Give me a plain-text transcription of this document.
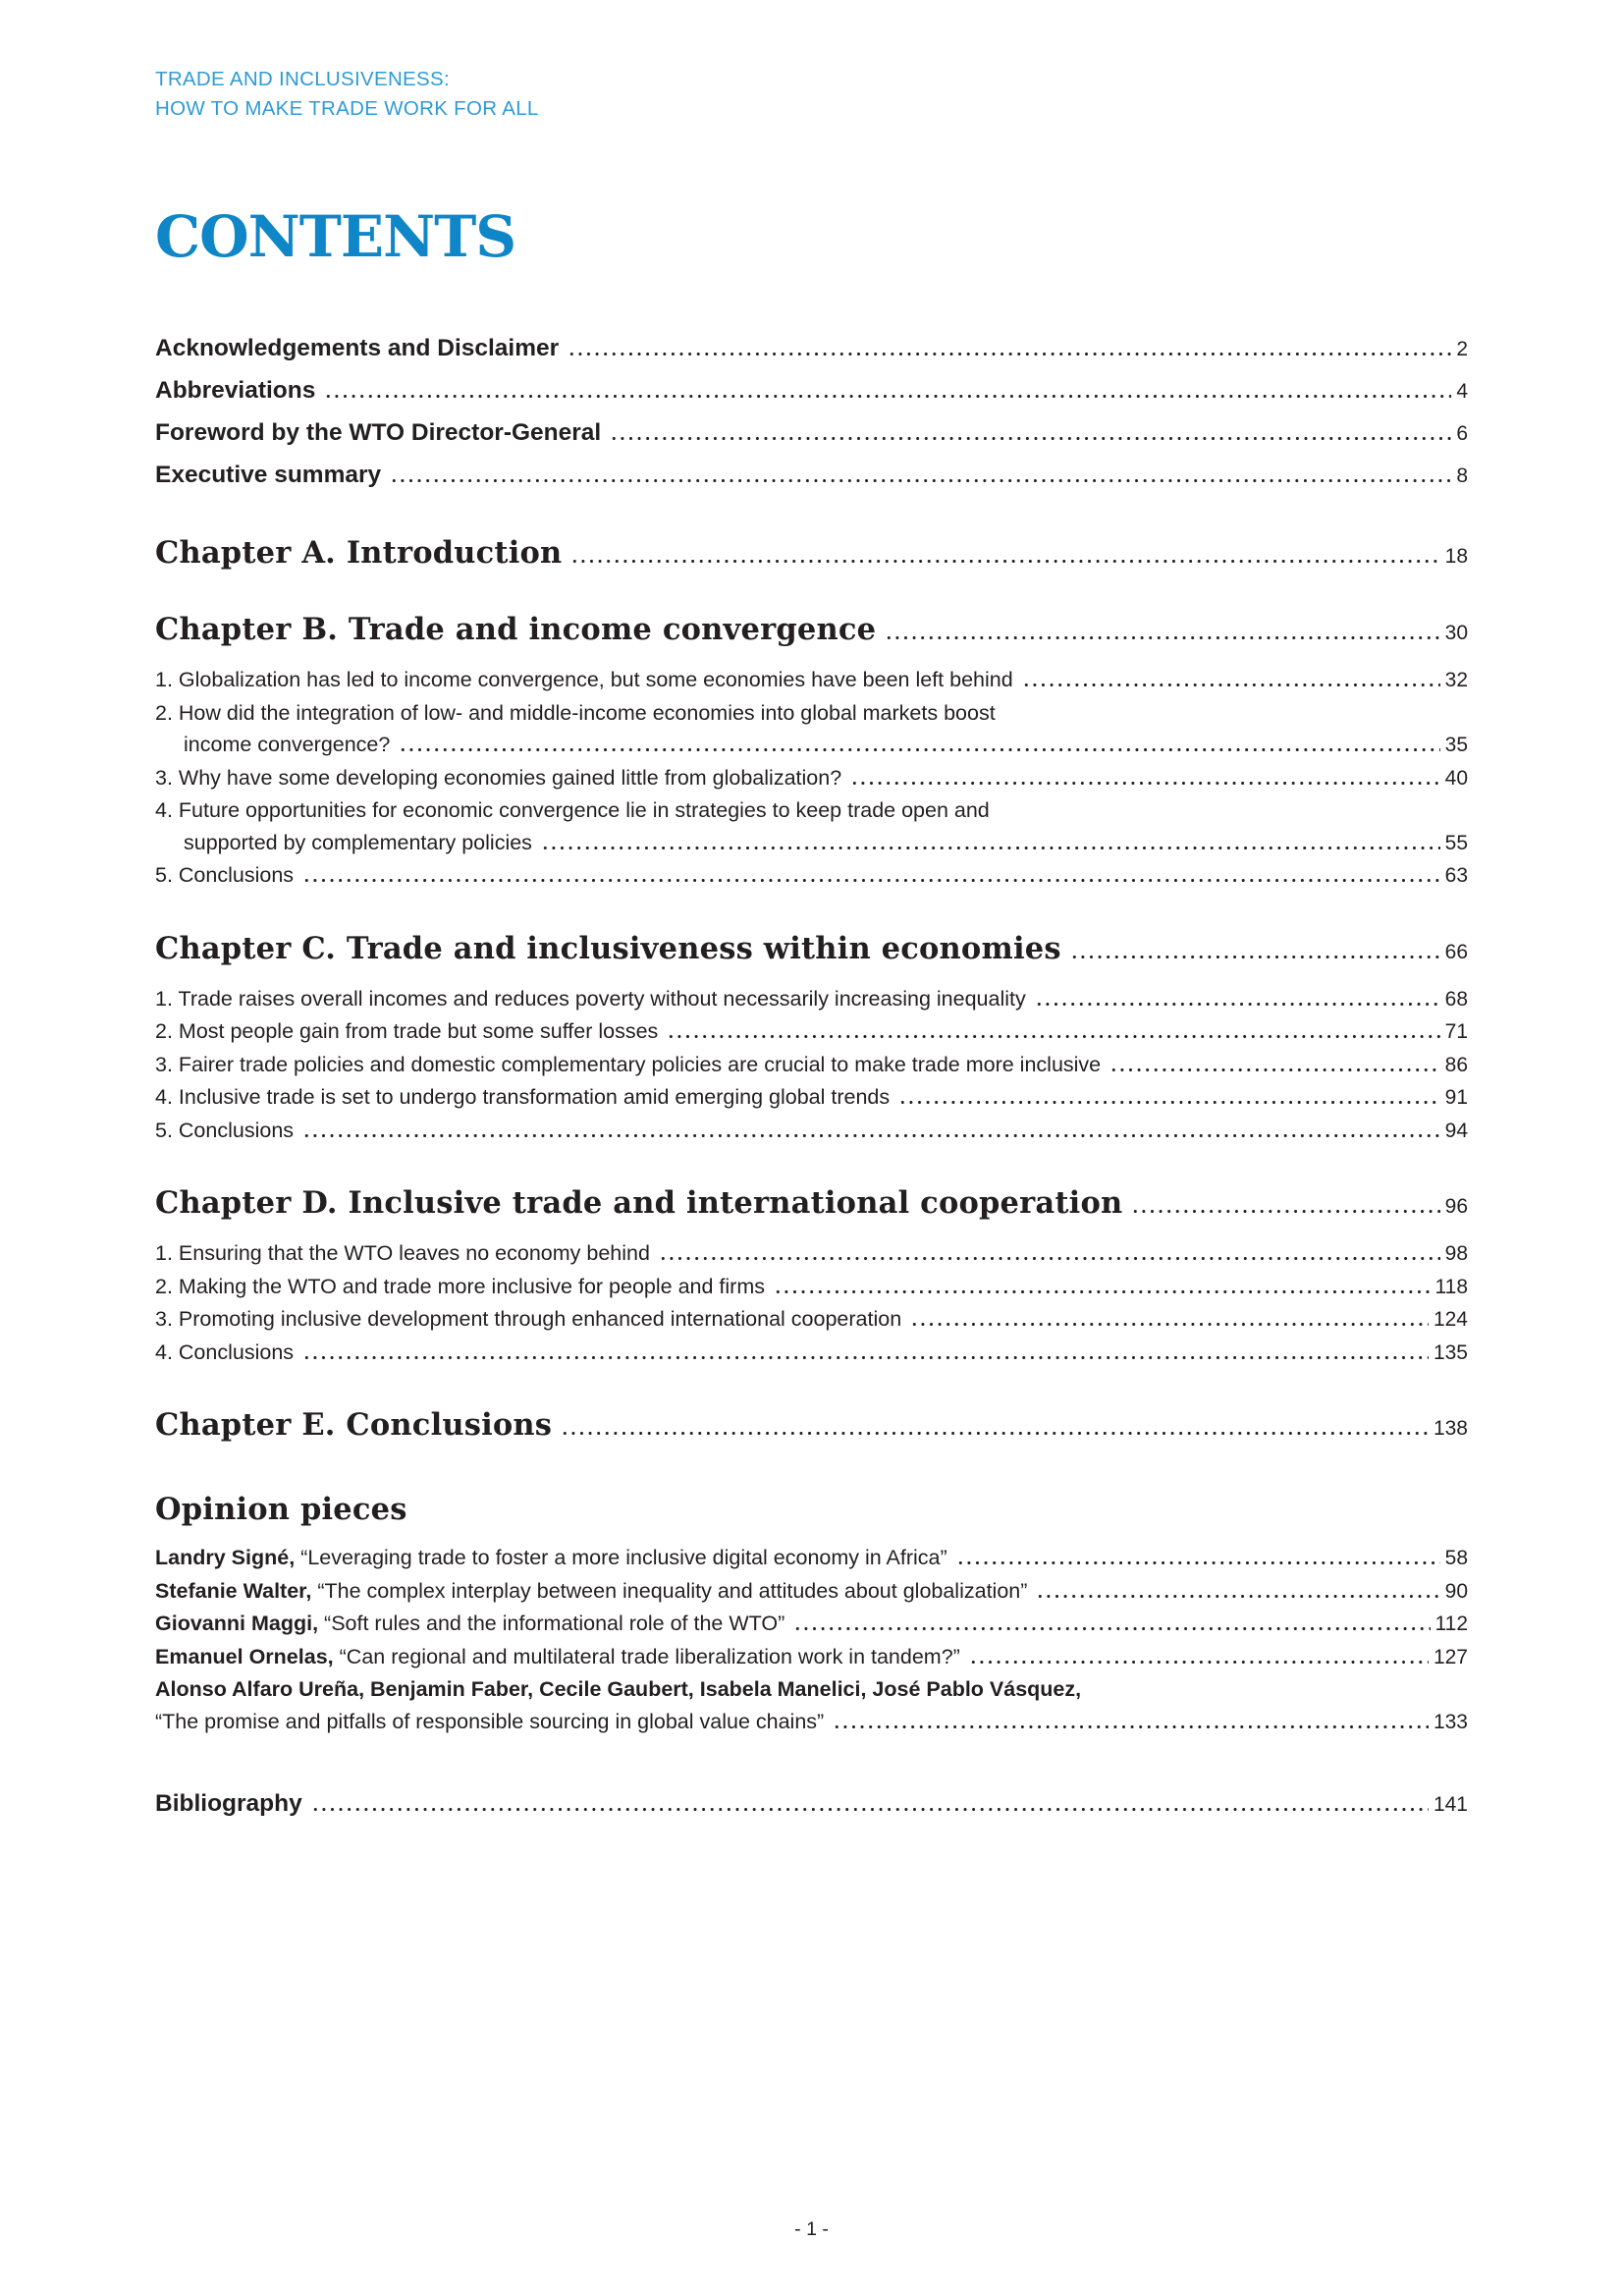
TRADE AND INCLUSIVENESS:
HOW TO MAKE TRADE WORK FOR ALL
CONTENTS
Acknowledgements and Disclaimer	2
Abbreviations	4
Foreword by the WTO Director-General	6
Executive summary	8
Chapter A. Introduction	18
Chapter B. Trade and income convergence	30
1. Globalization has led to income convergence, but some economies have been left behind	32
2. How did the integration of low- and middle-income economies into global markets boost
income convergence?	35
3. Why have some developing economies gained little from globalization?	40
4. Future opportunities for economic convergence lie in strategies to keep trade open and
supported by complementary policies	55
5. Conclusions	63
Chapter C. Trade and inclusiveness within economies	66
1. Trade raises overall incomes and reduces poverty without necessarily increasing inequality	68
2. Most people gain from trade but some suffer losses	71
3. Fairer trade policies and domestic complementary policies are crucial to make trade more inclusive	86
4. Inclusive trade is set to undergo transformation amid emerging global trends	91
5. Conclusions	94
Chapter D. Inclusive trade and international cooperation	96
1. Ensuring that the WTO leaves no economy behind	98
2. Making the WTO and trade more inclusive for people and firms	118
3. Promoting inclusive development through enhanced international cooperation	124
4. Conclusions	135
Chapter E. Conclusions	138
Opinion pieces
Landry Signé, “Leveraging trade to foster a more inclusive digital economy in Africa”	58
Stefanie Walter, “The complex interplay between inequality and attitudes about globalization”	90
Giovanni Maggi, “Soft rules and the informational role of the WTO”	112
Emanuel Ornelas, “Can regional and multilateral trade liberalization work in tandem?”	127
Alonso Alfaro Ureña, Benjamin Faber, Cecile Gaubert, Isabela Manelici, José Pablo Vásquez,
“The promise and pitfalls of responsible sourcing in global value chains”	133
Bibliography	141
- 1 -
